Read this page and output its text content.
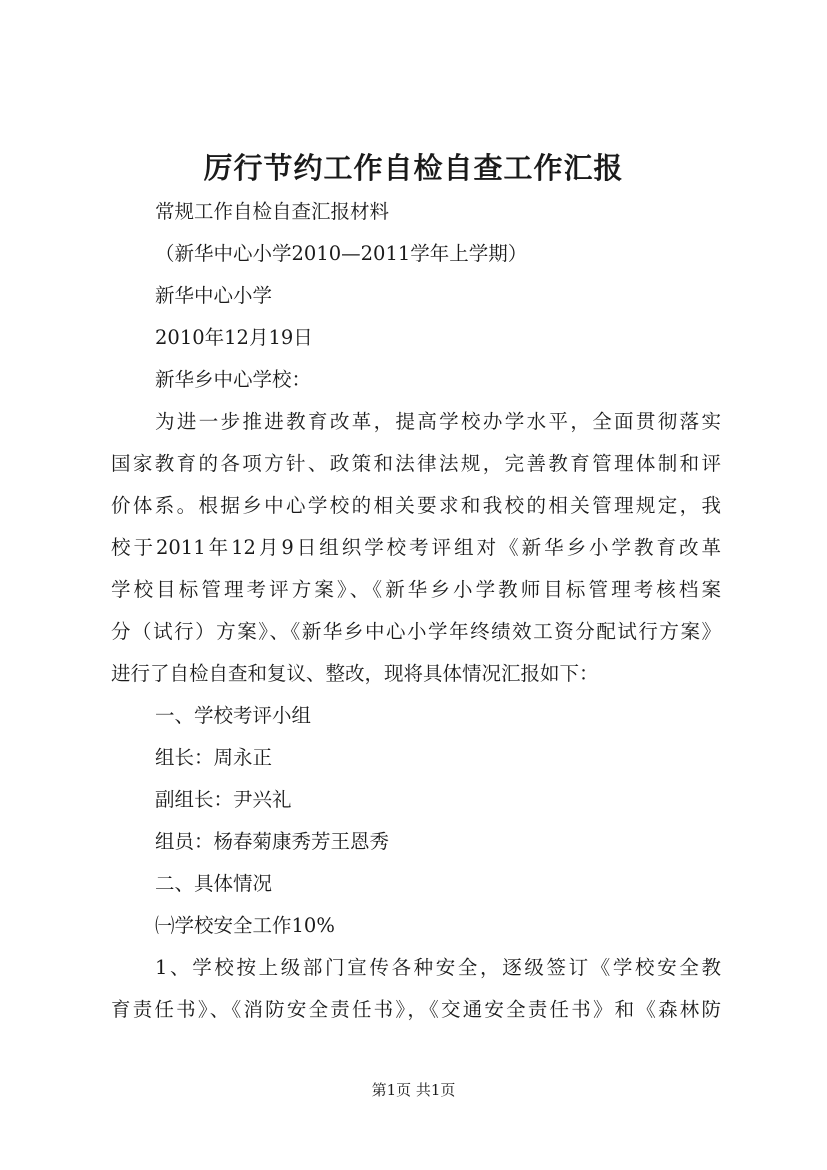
厉行节约工作自检自查工作汇报
常规工作自检自查汇报材料
（新华中心小学2010—2011学年上学期）
新华中心小学
2010年12月19日
新华乡中心学校：
为进一步推进教育改革，提高学校办学水平，全面贯彻落实
国家教育的各项方针、政策和法律法规，完善教育管理体制和评
价体系。根据乡中心学校的相关要求和我校的相关管理规定，我
校于2011年12月9日组织学校考评组对《新华乡小学教育改革
学校目标管理考评方案》、《新华乡小学教师目标管理考核档案
分（试行）方案》、《新华乡中心小学年终绩效工资分配试行方案》
进行了自检自查和复议、整改，现将具体情况汇报如下：
一、学校考评小组
组长：周永正
副组长：尹兴礼
组员：杨春菊康秀芳王恩秀
二、具体情况
㈠学校安全工作10%
1、学校按上级部门宣传各种安全，逐级签订《学校安全教
育责任书》、《消防安全责任书》，《交通安全责任书》和《森林防
第1页 共1页
